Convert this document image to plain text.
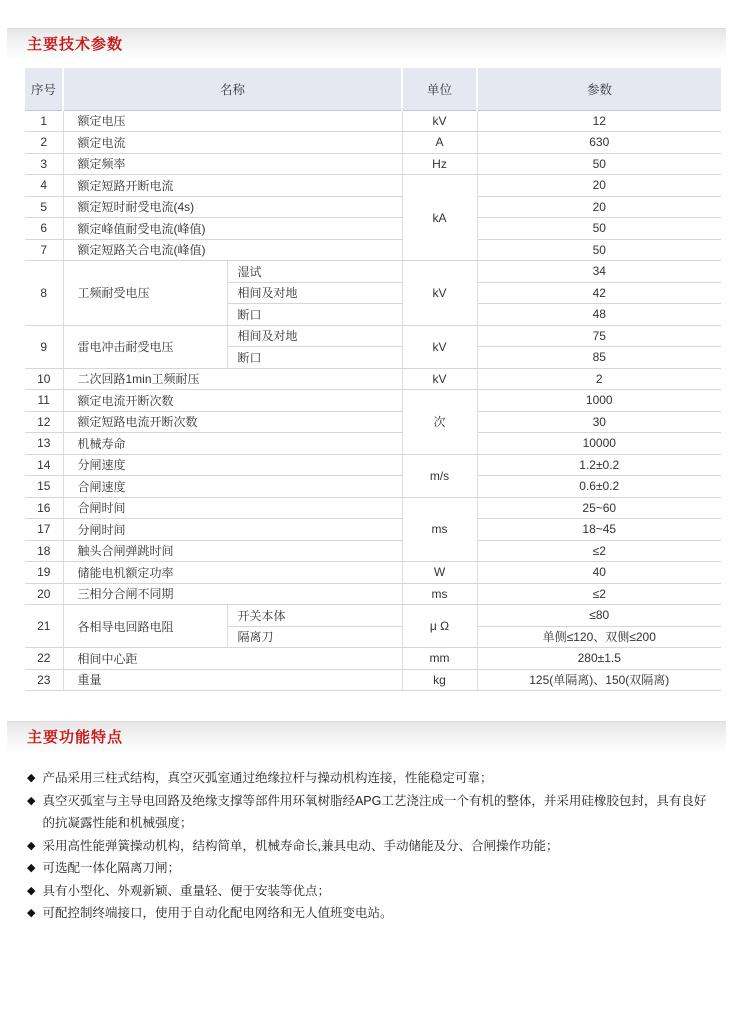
主要技术参数
序号	名称		单位	参数
1	额定电压		kV	12
2	额定电流		A	630
3	额定频率		Hz	50
4	额定短路开断电流		kA	20
5	额定短时耐受电流(4s)			20
6	额定峰值耐受电流(峰值)			50
7	额定短路关合电流(峰值)			50
8	工频耐受电压	湿试	kV	34
		相间及对地		42
		断口		48
9	雷电冲击耐受电压	相间及对地	kV	75
		断口		85
10	二次回路1min工频耐压		kV	2
11	额定电流开断次数		次	1000
12	额定短路电流开断次数			30
13	机械寿命			10000
14	分闸速度		m/s	1.2±0.2
15	合闸速度			0.6±0.2
16	合闸时间		ms	25~60
17	分闸时间			18~45
18	触头合闸弹跳时间			≤2
19	储能电机额定功率		W	40
20	三相分合闸不同期		ms	≤2
21	各相导电回路电阻	开关本体	μ Ω	≤80
		隔离刀		单侧≤120、双侧≤200
22	相间中心距		mm	280±1.5
23	重量		kg	125(单隔离)、150(双隔离)
主要功能特点
◆ 产品采用三柱式结构，真空灭弧室通过绝缘拉杆与操动机构连接，性能稳定可靠；
◆ 真空灭弧室与主导电回路及绝缘支撑等部件用环氧树脂经APG工艺浇注成一个有机的整体，并采用硅橡胶包封，具有良好的抗凝露性能和机械强度；
◆ 采用高性能弹簧操动机构，结构简单，机械寿命长,兼具电动、手动储能及分、合闸操作功能；
◆ 可选配一体化隔离刀闸；
◆ 具有小型化、外观新颖、重量轻、便于安装等优点；
◆ 可配控制终端接口，使用于自动化配电网络和无人值班变电站。
